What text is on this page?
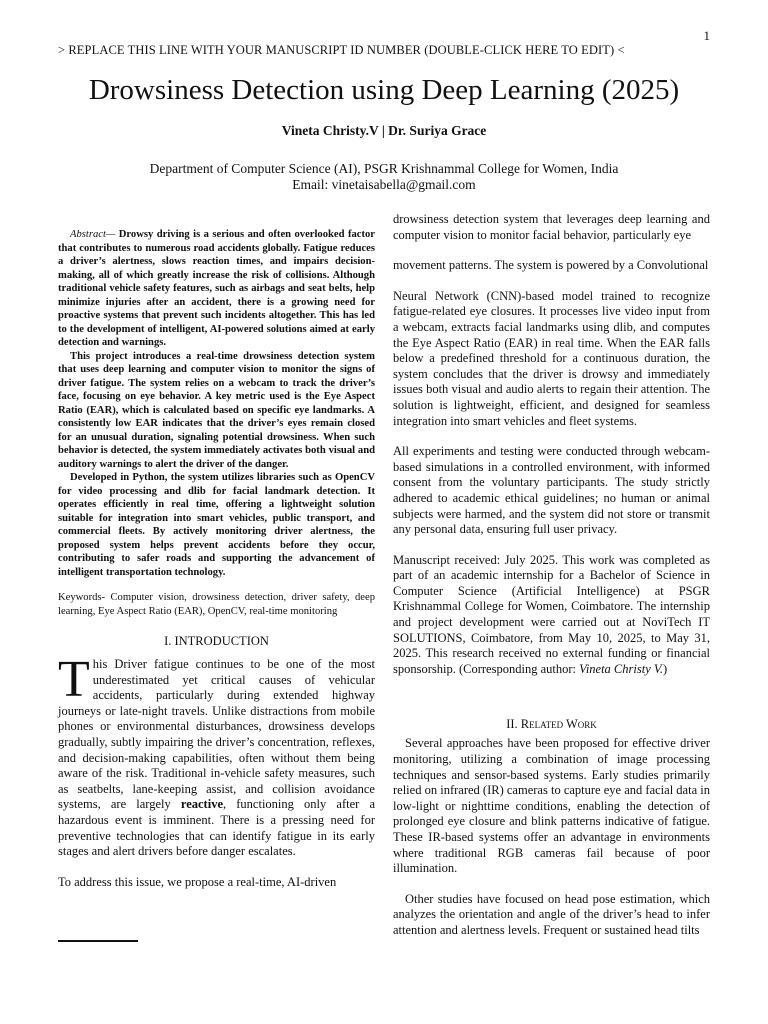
1
> REPLACE THIS LINE WITH YOUR MANUSCRIPT ID NUMBER (DOUBLE-CLICK HERE TO EDIT) <
Drowsiness Detection using Deep Learning (2025)
Vineta Christy.V | Dr. Suriya Grace
Department of Computer Science (AI), PSGR Krishnammal College for Women, India
Email: vinetaisabella@gmail.com

Abstract— Drowsy driving is a serious and often overlooked factor that contributes to numerous road accidents globally. Fatigue reduces a driver’s alertness, slows reaction times, and impairs decision-making, all of which greatly increase the risk of collisions. Although traditional vehicle safety features, such as airbags and seat belts, help minimize injuries after an accident, there is a growing need for proactive systems that prevent such incidents altogether. This has led to the development of intelligent, AI-powered solutions aimed at early detection and warnings.

This project introduces a real-time drowsiness detection system that uses deep learning and computer vision to monitor the signs of driver fatigue. The system relies on a webcam to track the driver’s face, focusing on eye behavior. A key metric used is the Eye Aspect Ratio (EAR), which is calculated based on specific eye landmarks. A consistently low EAR indicates that the driver’s eyes remain closed for an unusual duration, signaling potential drowsiness. When such behavior is detected, the system immediately activates both visual and auditory warnings to alert the driver of the danger.

Developed in Python, the system utilizes libraries such as OpenCV for video processing and dlib for facial landmark detection. It operates efficiently in real time, offering a lightweight solution suitable for integration into smart vehicles, public transport, and commercial fleets. By actively monitoring driver alertness, the proposed system helps prevent accidents before they occur, contributing to safer roads and supporting the advancement of intelligent transportation technology.

Keywords- Computer vision, drowsiness detection, driver safety, deep learning, Eye Aspect Ratio (EAR), OpenCV, real-time monitoring
I. INTRODUCTION

This Driver fatigue continues to be one of the most underestimated yet critical causes of vehicular accidents, particularly during extended highway journeys or late-night travels. Unlike distractions from mobile phones or environmental disturbances, drowsiness develops gradually, subtly impairing the driver’s concentration, reflexes, and decision-making capabilities, often without them being aware of the risk. Traditional in-vehicle safety measures, such as seatbelts, lane-keeping assist, and collision avoidance systems, are largely reactive, functioning only after a hazardous event is imminent. There is a pressing need for preventive technologies that can identify fatigue in its early stages and alert drivers before danger escalates.

To address this issue, we propose a real-time, AI-driven

drowsiness detection system that leverages deep learning and computer vision to monitor facial behavior, particularly eye

movement patterns. The system is powered by a Convolutional

Neural Network (CNN)-based model trained to recognize fatigue-related eye closures. It processes live video input from a webcam, extracts facial landmarks using dlib, and computes the Eye Aspect Ratio (EAR) in real time. When the EAR falls below a predefined threshold for a continuous duration, the system concludes that the driver is drowsy and immediately issues both visual and audio alerts to regain their attention. The solution is lightweight, efficient, and designed for seamless integration into smart vehicles and fleet systems.

All experiments and testing were conducted through webcam-based simulations in a controlled environment, with informed consent from the voluntary participants. The study strictly adhered to academic ethical guidelines; no human or animal subjects were harmed, and the system did not store or transmit any personal data, ensuring full user privacy.

Manuscript received: July 2025. This work was completed as part of an academic internship for a Bachelor of Science in Computer Science (Artificial Intelligence) at PSGR Krishnammal College for Women, Coimbatore. The internship and project development were carried out at NoviTech IT SOLUTIONS, Coimbatore, from May 10, 2025, to May 31, 2025. This research received no external funding or financial sponsorship. (Corresponding author: Vineta Christy V.)

II. Related Work

Several approaches have been proposed for effective driver monitoring, utilizing a combination of image processing techniques and sensor-based systems. Early studies primarily relied on infrared (IR) cameras to capture eye and facial data in low-light or nighttime conditions, enabling the detection of prolonged eye closure and blink patterns indicative of fatigue. These IR-based systems offer an advantage in environments where traditional RGB cameras fail because of poor illumination.

Other studies have focused on head pose estimation, which analyzes the orientation and angle of the driver’s head to infer attention and alertness levels. Frequent or sustained head tilts
